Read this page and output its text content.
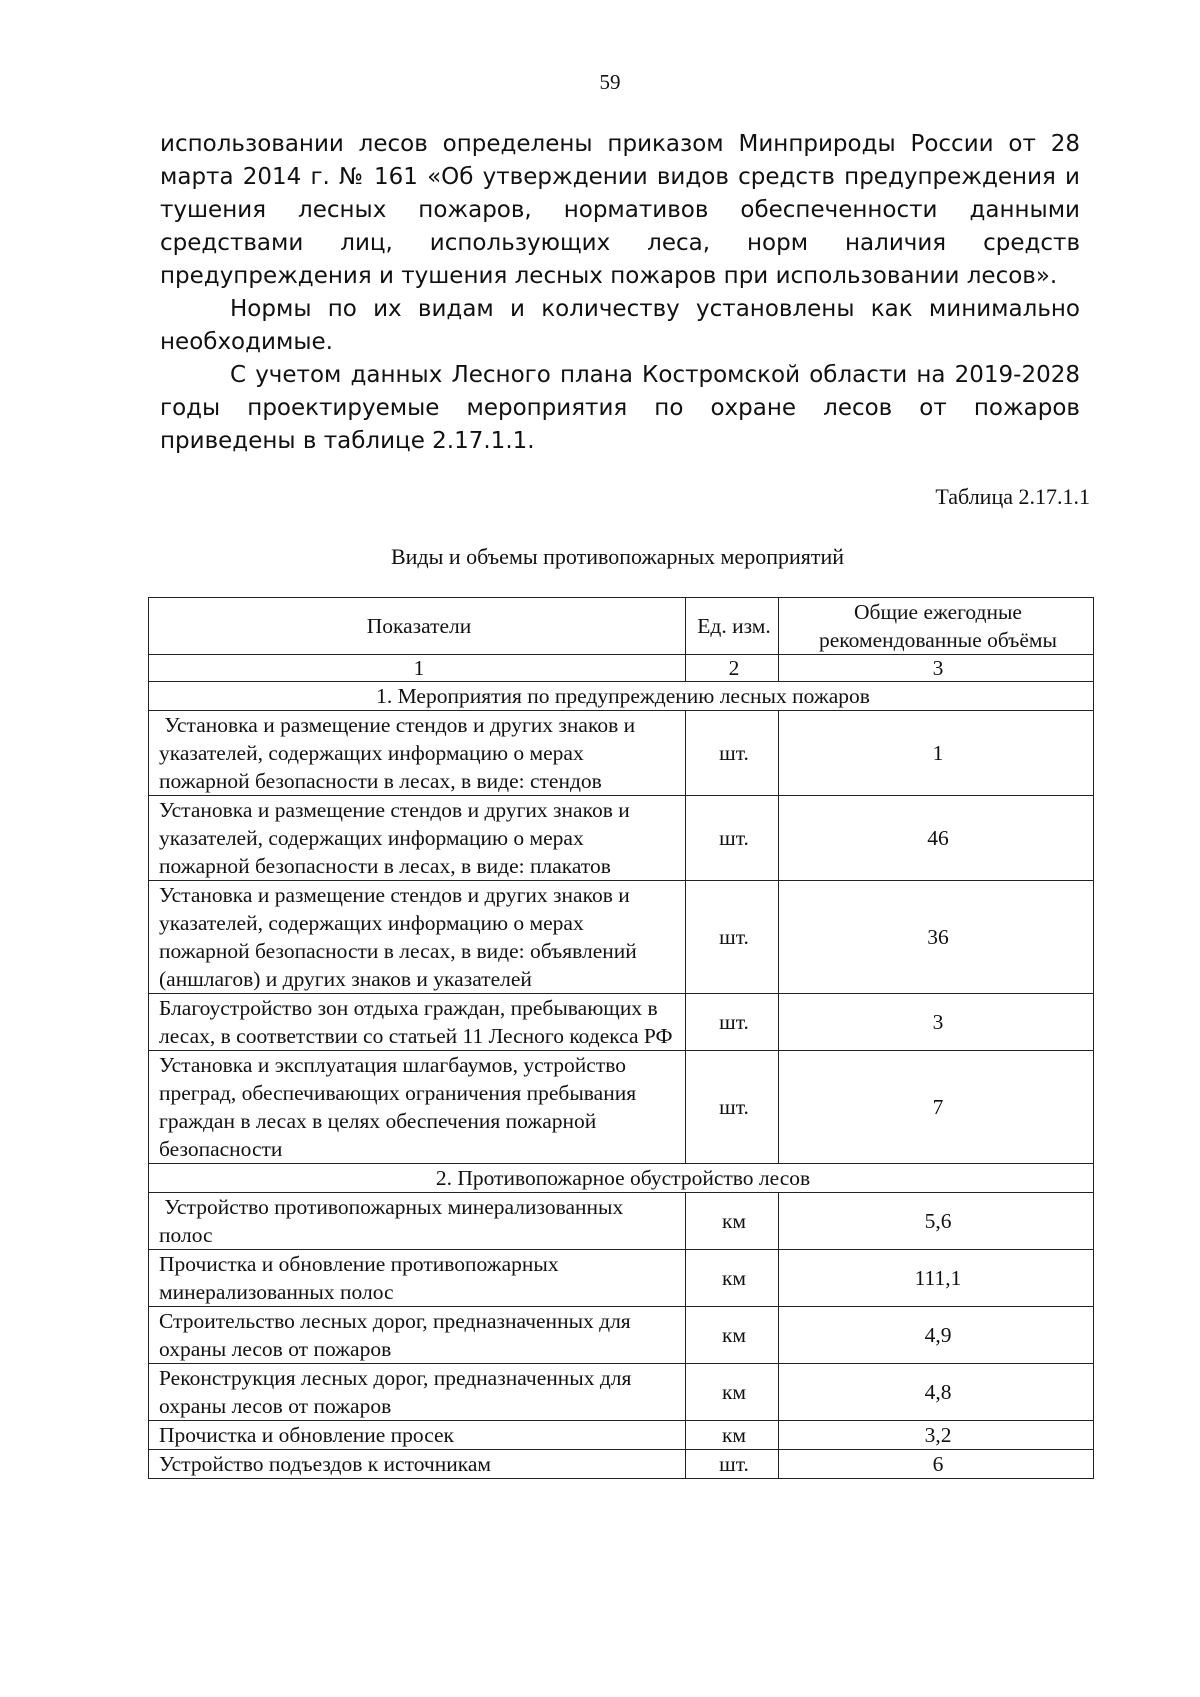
59

использовании лесов определены приказом Минприроды России от 28 марта 2014 г. № 161 «Об утверждении видов средств предупреждения и тушения лесных пожаров, нормативов обеспеченности данными средствами лиц, использующих леса, норм наличия средств предупреждения и тушения лесных пожаров при использовании лесов».

Нормы по их видам и количеству установлены как минимально необходимые.

С учетом данных Лесного плана Костромской области на 2019-2028 годы проектируемые мероприятия по охране лесов от пожаров приведены в таблице 2.17.1.1.

Таблица 2.17.1.1
Виды и объемы противопожарных мероприятий
Показатели	Ед. изм.	Общие ежегодные рекомендованные объёмы
1	2	3
1. Мероприятия по предупреждению лесных пожаров		
Установка и размещение стендов и других знаков и указателей, содержащих информацию о мерах пожарной безопасности в лесах, в виде: стендов	шт.	1
Установка и размещение стендов и других знаков и указателей, содержащих информацию о мерах пожарной безопасности в лесах, в виде: плакатов	шт.	46
Установка и размещение стендов и других знаков и указателей, содержащих информацию о мерах пожарной безопасности в лесах, в виде: объявлений (аншлагов) и других знаков и указателей	шт.	36
Благоустройство зон отдыха граждан, пребывающих в лесах, в соответствии со статьей 11 Лесного кодекса РФ	шт.	3
Установка и эксплуатация шлагбаумов, устройство преград, обеспечивающих ограничения пребывания граждан в лесах в целях обеспечения пожарной безопасности	шт.	7
2. Противопожарное обустройство лесов		
Устройство противопожарных минерализованных полос	км	5,6
Прочистка и обновление противопожарных минерализованных полос	км	111,1
Строительство лесных дорог, предназначенных для охраны лесов от пожаров	км	4,9
Реконструкция лесных дорог, предназначенных для охраны лесов от пожаров	км	4,8
Прочистка и обновление просек	км	3,2
Устройство подъездов к источникам	шт.	6
